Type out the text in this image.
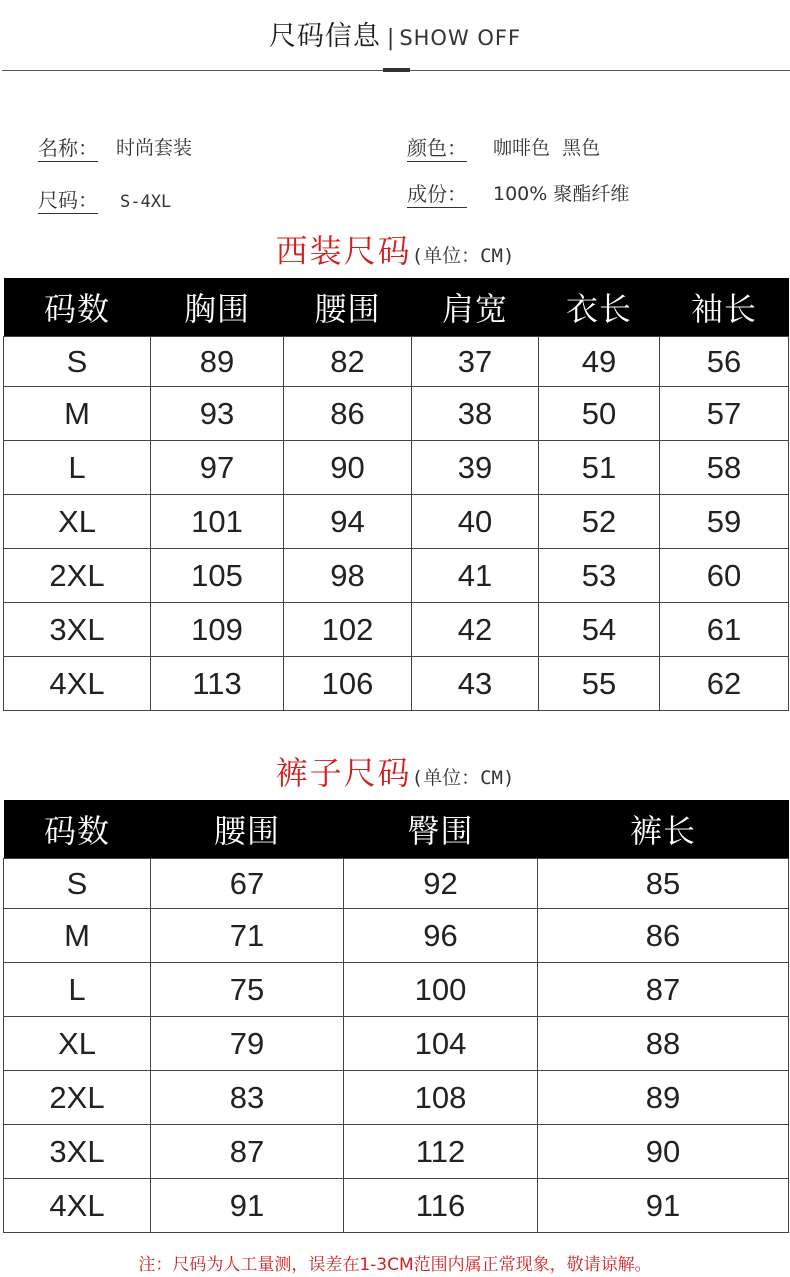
尺码信息 | SHOW OFF
名称： 时尚套装
尺码： S-4XL
颜色： 咖啡色  黑色
成份： 100% 聚酯纤维
西装尺码(单位：CM)
码数	胸围	腰围	肩宽	衣长	袖长
S	89	82	37	49	56
M	93	86	38	50	57
L	97	90	39	51	58
XL	101	94	40	52	59
2XL	105	98	41	53	60
3XL	109	102	42	54	61
4XL	113	106	43	55	62
裤子尺码(单位：CM)
码数	腰围	臀围	裤长
S	67	92	85
M	71	96	86
L	75	100	87
XL	79	104	88
2XL	83	108	89
3XL	87	112	90
4XL	91	116	91
注：尺码为人工量测，误差在1-3CM范围内属正常现象，敬请谅解。
